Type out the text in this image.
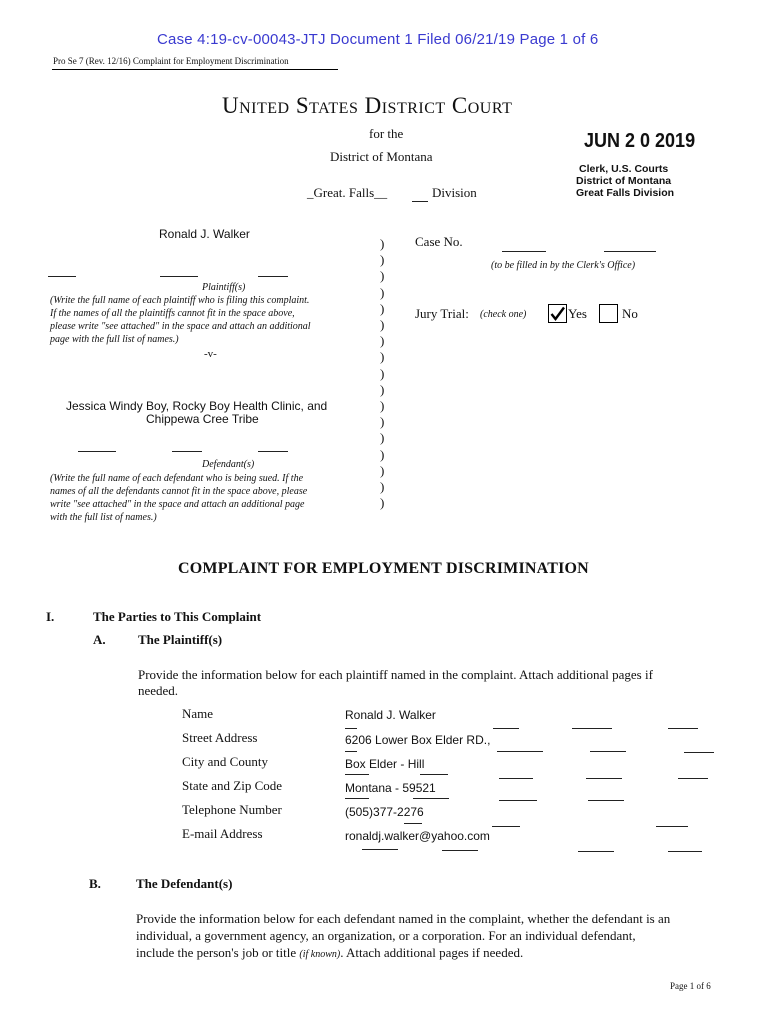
Case 4:19-cv-00043-JTJ Document 1 Filed 06/21/19 Page 1 of 6
Pro Se 7 (Rev. 12/16) Complaint for Employment Discrimination
United States District Court
for the
District of Montana
_Great. Falls__	Division
JUN 2 0 2019
Clerk, U.S. Courts
District of Montana
Great Falls Division
Ronald J. Walker
Plaintiff(s)
(Write the full name of each plaintiff who is filing this complaint.
If the names of all the plaintiffs cannot fit in the space above,
please write "see attached" in the space and attach an additional
page with the full list of names.)
-v-
Jessica Windy Boy, Rocky Boy Health Clinic, and
Chippewa Cree Tribe
Defendant(s)
(Write the full name of each defendant who is being sued. If the
names of all the defendants cannot fit in the space above, please
write "see attached" in the space and attach an additional page
with the full list of names.)
)
)
)
)
)
)
)
)
)
)
)
)
)
)
)
)
)
Case No.
(to be filled in by the Clerk's Office)
Jury Trial: (check one)	Yes	No
COMPLAINT FOR EMPLOYMENT DISCRIMINATION
I.	The Parties to This Complaint
A. The Plaintiff(s)
Provide the information below for each plaintiff named in the complaint. Attach additional pages if
needed.
Name	Ronald J. Walker
Street Address	6206 Lower Box Elder RD.,
City and County	Box Elder - Hill
State and Zip Code	Montana - 59521
Telephone Number	(505)377-2276
E-mail Address	ronaldj.walker@yahoo.com
B.	The Defendant(s)
Provide the information below for each defendant named in the complaint, whether the defendant is an
individual, a government agency, an organization, or a corporation. For an individual defendant,
include the person's job or title (if known). Attach additional pages if needed.
Page 1 of 6
